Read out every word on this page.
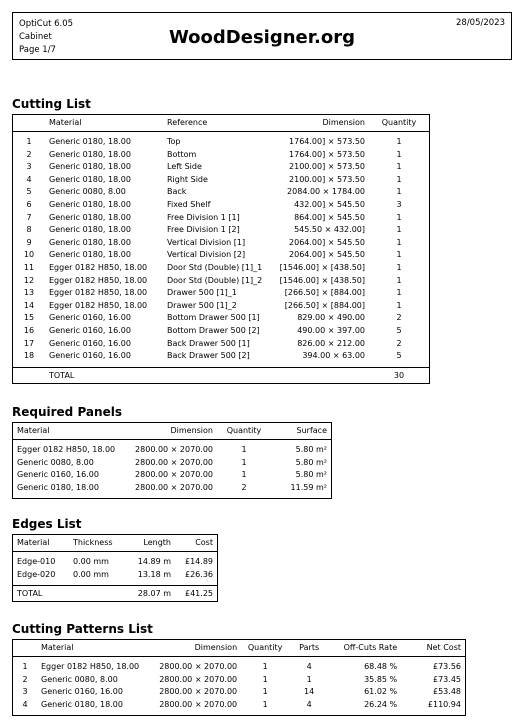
OptiCut 6.05
Cabinet
Page 1/7
WoodDesigner.org
28/05/2023
Cutting List
	Material	Reference	Dimension	Quantity

1	Generic 0180, 18.00	Top	1764.00] × 573.50	1
2	Generic 0180, 18.00	Bottom	1764.00] × 573.50	1
3	Generic 0180, 18.00	Left Side	2100.00] × 573.50	1
4	Generic 0180, 18.00	Right Side	2100.00] × 573.50	1
5	Generic 0080, 8.00	Back	2084.00 × 1784.00	1
6	Generic 0180, 18.00	Fixed Shelf	432.00] × 545.50	3
7	Generic 0180, 18.00	Free Division 1 [1]	864.00] × 545.50	1
8	Generic 0180, 18.00	Free Division 1 [2]	545.50 × 432.00]	1
9	Generic 0180, 18.00	Vertical Division [1]	2064.00] × 545.50	1
10	Generic 0180, 18.00	Vertical Division [2]	2064.00] × 545.50	1
11	Egger 0182 H850, 18.00	Door Std (Double) [1]_1	[1546.00] × [438.50]	1
12	Egger 0182 H850, 18.00	Door Std (Double) [1]_2	[1546.00] × [438.50]	1
13	Egger 0182 H850, 18.00	Drawer 500 [1]_1	[266.50] × [884.00]	1
14	Egger 0182 H850, 18.00	Drawer 500 [1]_2	[266.50] × [884.00]	1
15	Generic 0160, 16.00	Bottom Drawer 500 [1]	829.00 × 490.00	2
16	Generic 0160, 16.00	Bottom Drawer 500 [2]	490.00 × 397.00	5
17	Generic 0160, 16.00	Back Drawer 500 [1]	826.00 × 212.00	2
18	Generic 0160, 16.00	Back Drawer 500 [2]	394.00 × 63.00	5

	TOTAL			30
Required Panels
Material	Dimension	Quantity	Surface

Egger 0182 H850, 18.00	2800.00 × 2070.00	1	5.80 m²
Generic 0080, 8.00	2800.00 × 2070.00	1	5.80 m²
Generic 0160, 16.00	2800.00 × 2070.00	1	5.80 m²
Generic 0180, 18.00	2800.00 × 2070.00	2	11.59 m²

Edges List
Material	Thickness	Length	Cost

Edge-010	0.00 mm	14.89 m	£14.89
Edge-020	0.00 mm	13.18 m	£26.36

TOTAL		28.07 m	£41.25
Cutting Patterns List
	Material	Dimension	Quantity	Parts	Off-Cuts Rate	Net Cost

1	Egger 0182 H850, 18.00	2800.00 × 2070.00	1	4	68.48 %	£73.56
2	Generic 0080, 8.00	2800.00 × 2070.00	1	1	35.85 %	£73.45
3	Generic 0160, 16.00	2800.00 × 2070.00	1	14	61.02 %	£53.48
4	Generic 0180, 18.00	2800.00 × 2070.00	1	4	26.24 %	£110.94
